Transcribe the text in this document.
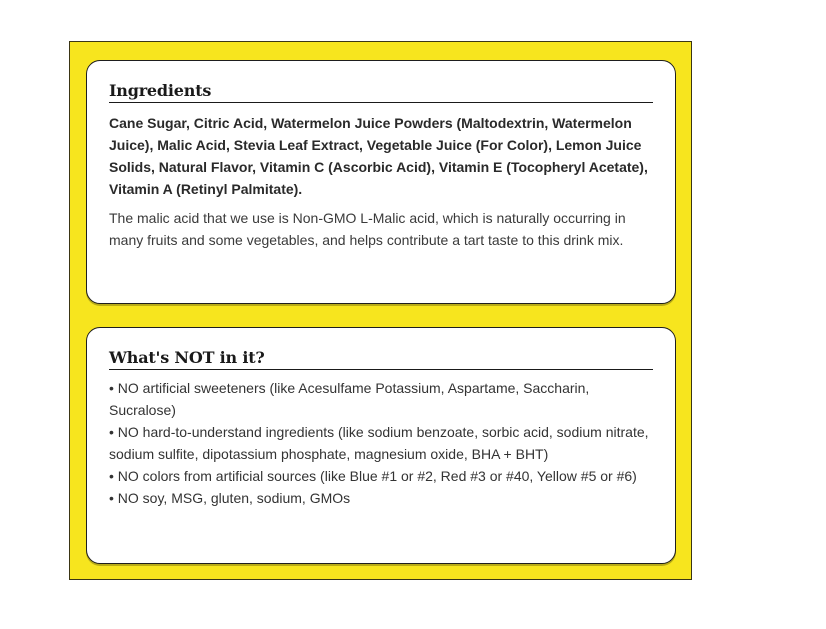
Ingredients

Cane Sugar, Citric Acid, Watermelon Juice Powders (Maltodextrin, Watermelon Juice), Malic Acid, Stevia Leaf Extract, Vegetable Juice (For Color), Lemon Juice Solids, Natural Flavor, Vitamin C (Ascorbic Acid), Vitamin E (Tocopheryl Acetate), Vitamin A (Retinyl Palmitate).

The malic acid that we use is Non-GMO L-Malic acid, which is naturally occurring in many fruits and some vegetables, and helps contribute a tart taste to this drink mix.

What's NOT in it?
• NO artificial sweeteners (like Acesulfame Potassium, Aspartame, Saccharin, Sucralose)
• NO hard-to-understand ingredients (like sodium benzoate, sorbic acid, sodium nitrate, sodium sulfite, dipotassium phosphate, magnesium oxide, BHA + BHT)
• NO colors from artificial sources (like Blue #1 or #2, Red #3 or #40, Yellow #5 or #6)
• NO soy, MSG, gluten, sodium, GMOs
